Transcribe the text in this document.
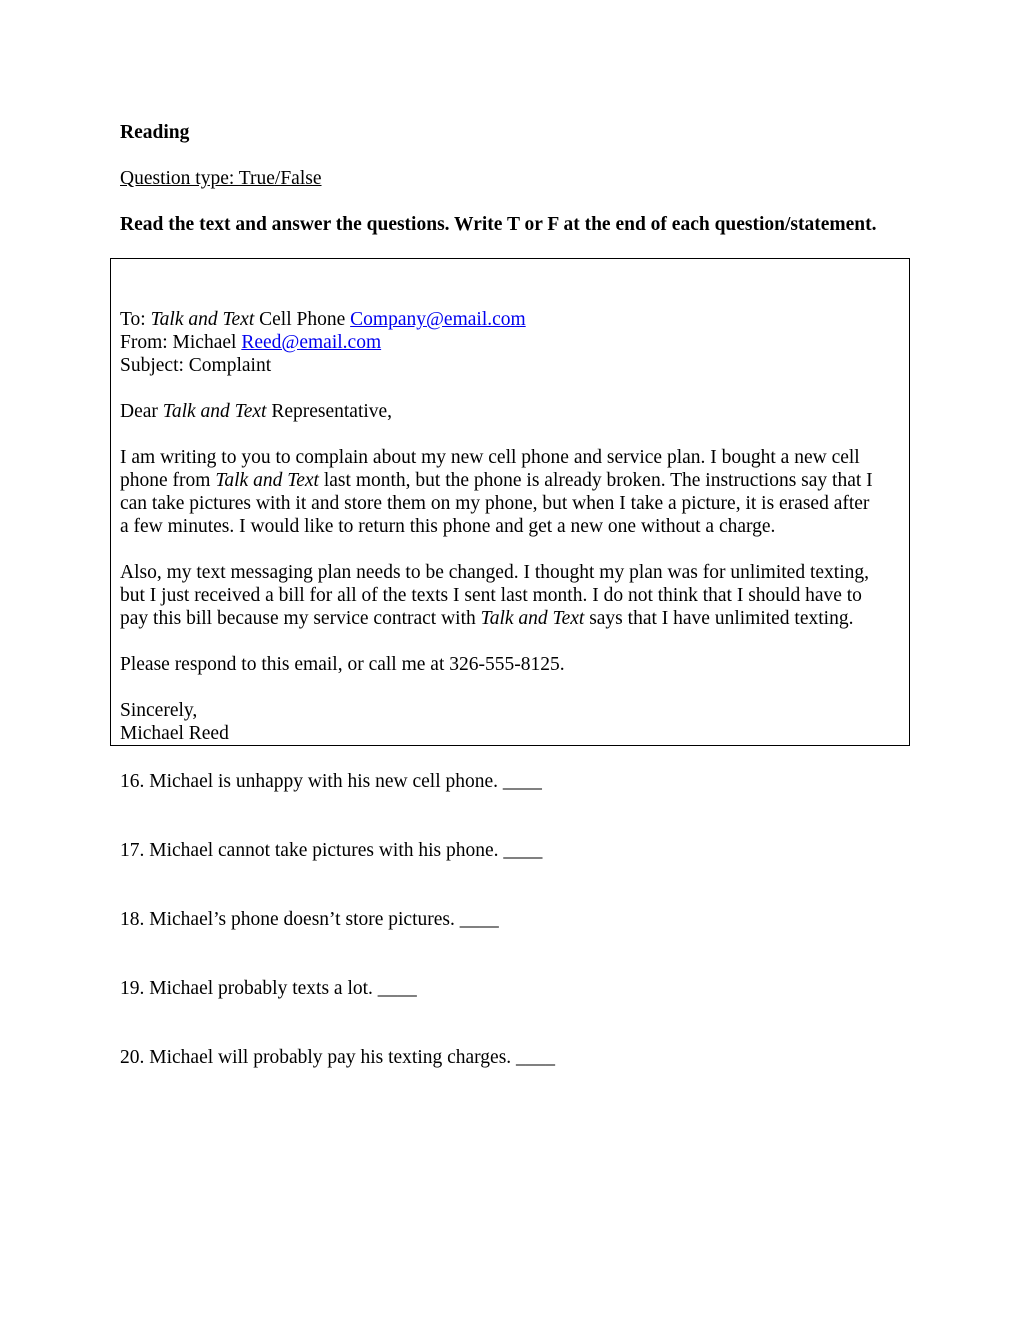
Reading

Question type: True/False

Read the text and answer the questions. Write T or F at the end of each question/statement.

To: Talk and Text Cell Phone Company@email.com
From: Michael Reed@email.com
Subject: Complaint
Dear Talk and Text Representative,
I am writing to you to complain about my new cell phone and service plan. I bought a new cell
phone from Talk and Text last month, but the phone is already broken. The instructions say that I
can take pictures with it and store them on my phone, but when I take a picture, it is erased after
a few minutes. I would like to return this phone and get a new one without a charge.
Also, my text messaging plan needs to be changed. I thought my plan was for unlimited texting,
but I just received a bill for all of the texts I sent last month. I do not think that I should have to
pay this bill because my service contract with Talk and Text says that I have unlimited texting.
Please respond to this email, or call me at 326-555-8125.
Sincerely,
Michael Reed

16. Michael is unhappy with his new cell phone. ____

17. Michael cannot take pictures with his phone. ____

18. Michael’s phone doesn’t store pictures. ____

19. Michael probably texts a lot. ____

20. Michael will probably pay his texting charges. ____
